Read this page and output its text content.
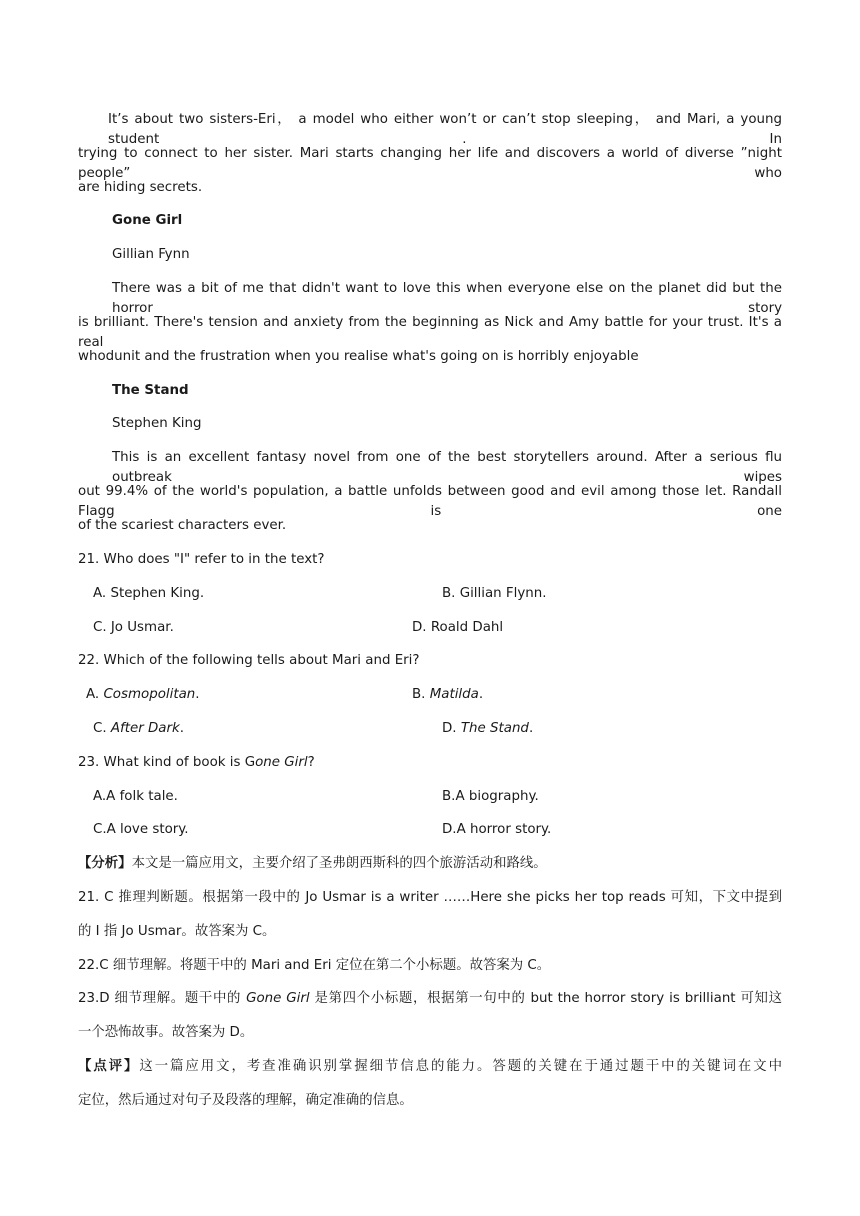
It’s about two sisters-Eri， a model who either won’t or can’t stop sleeping， and Mari, a young student . In
trying to connect to her sister. Mari starts changing her life and discovers a world of diverse ”night people” who
are hiding secrets.
Gone Girl
Gillian Fynn
There was a bit of me that didn't want to love this when everyone else on the planet did but the horror story
is brilliant. There's tension and anxiety from the beginning as Nick and Amy battle for your trust. It's a real
whodunit and the frustration when you realise what's going on is horribly enjoyable
The Stand
Stephen King
This is an excellent fantasy novel from one of the best storytellers around. After a serious flu outbreak wipes
out 99.4% of the world's population, a battle unfolds between good and evil among those let. Randall Flagg is one
of the scariest characters ever.
21. Who does "I" refer to in the text?
A. Stephen King.	B. Gillian Flynn.
C. Jo Usmar.	D. Roald Dahl
22. Which of the following tells about Mari and Eri?
A. Cosmopolitan.	B. Matilda.
C. After Dark.	D. The Stand.
23. What kind of book is Gone Girl?
A.A folk tale.	B.A biography.
C.A love story.	D.A horror story.
【分析】本文是一篇应用文，主要介绍了圣弗朗西斯科的四个旅游活动和路线。
21. C 推理判断题。根据第一段中的 Jo Usmar is a writer ……Here she picks her top reads 可知，下文中提到
的 I 指 Jo Usmar。故答案为 C。
22.C 细节理解。将题干中的 Mari and Eri 定位在第二个小标题。故答案为 C。
23.D 细节理解。题干中的 Gone Girl 是第四个小标题，根据第一句中的 but the horror story is brilliant 可知这
一个恐怖故事。故答案为 D。
【点评】这一篇应用文，考查准确识别掌握细节信息的能力。答题的关键在于通过题干中的关键词在文中
定位，然后通过对句子及段落的理解，确定准确的信息。
